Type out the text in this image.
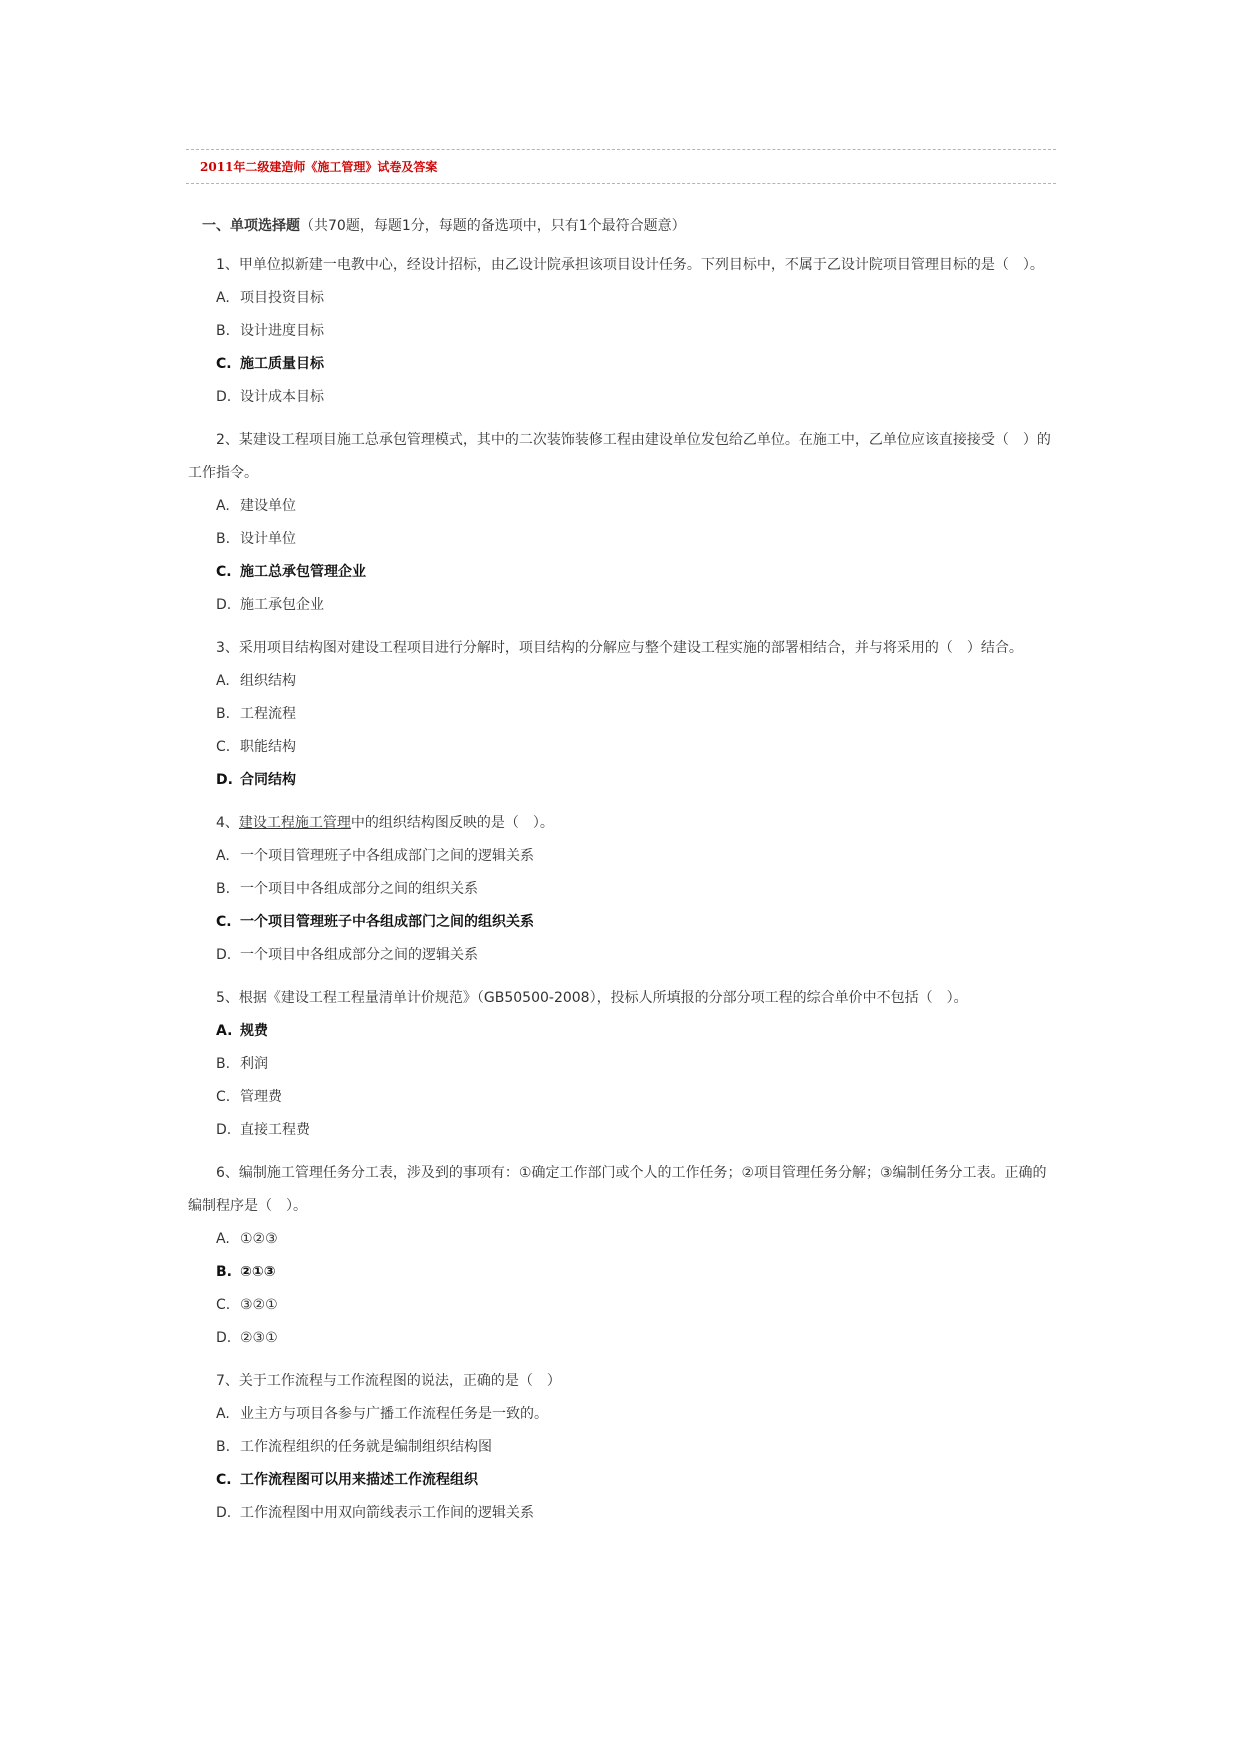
2011年二级建造师《施工管理》试卷及答案
一、单项选择题（共70题，每题1分，每题的备选项中，只有1个最符合题意）

1、甲单位拟新建一电教中心，经设计招标，由乙设计院承担该项目设计任务。下列目标中，不属于乙设计院项目管理目标的是（　）。

A. 项目投资目标
B. 设计进度目标
C. 施工质量目标
D. 设计成本目标

2、某建设工程项目施工总承包管理模式，其中的二次装饰装修工程由建设单位发包给乙单位。在施工中，乙单位应该直接接受（　）的工作指令。

A. 建设单位
B. 设计单位
C. 施工总承包管理企业
D. 施工承包企业

3、采用项目结构图对建设工程项目进行分解时，项目结构的分解应与整个建设工程实施的部署相结合，并与将采用的（　）结合。

A. 组织结构
B. 工程流程
C. 职能结构
D. 合同结构

4、建设工程施工管理中的组织结构图反映的是（　）。

A. 一个项目管理班子中各组成部门之间的逻辑关系
B. 一个项目中各组成部分之间的组织关系
C. 一个项目管理班子中各组成部门之间的组织关系
D. 一个项目中各组成部分之间的逻辑关系

5、根据《建设工程工程量清单计价规范》（GB50500-2008），投标人所填报的分部分项工程的综合单价中不包括（　）。

A. 规费
B. 利润
C. 管理费
D. 直接工程费

6、编制施工管理任务分工表，涉及到的事项有：①确定工作部门或个人的工作任务；②项目管理任务分解；③编制任务分工表。正确的编制程序是（　）。

A. ①②③
B. ②①③
C. ③②①
D. ②③①

7、关于工作流程与工作流程图的说法，正确的是（　）

A. 业主方与项目各参与广播工作流程任务是一致的。
B. 工作流程组织的任务就是编制组织结构图
C. 工作流程图可以用来描述工作流程组织
D. 工作流程图中用双向箭线表示工作间的逻辑关系
